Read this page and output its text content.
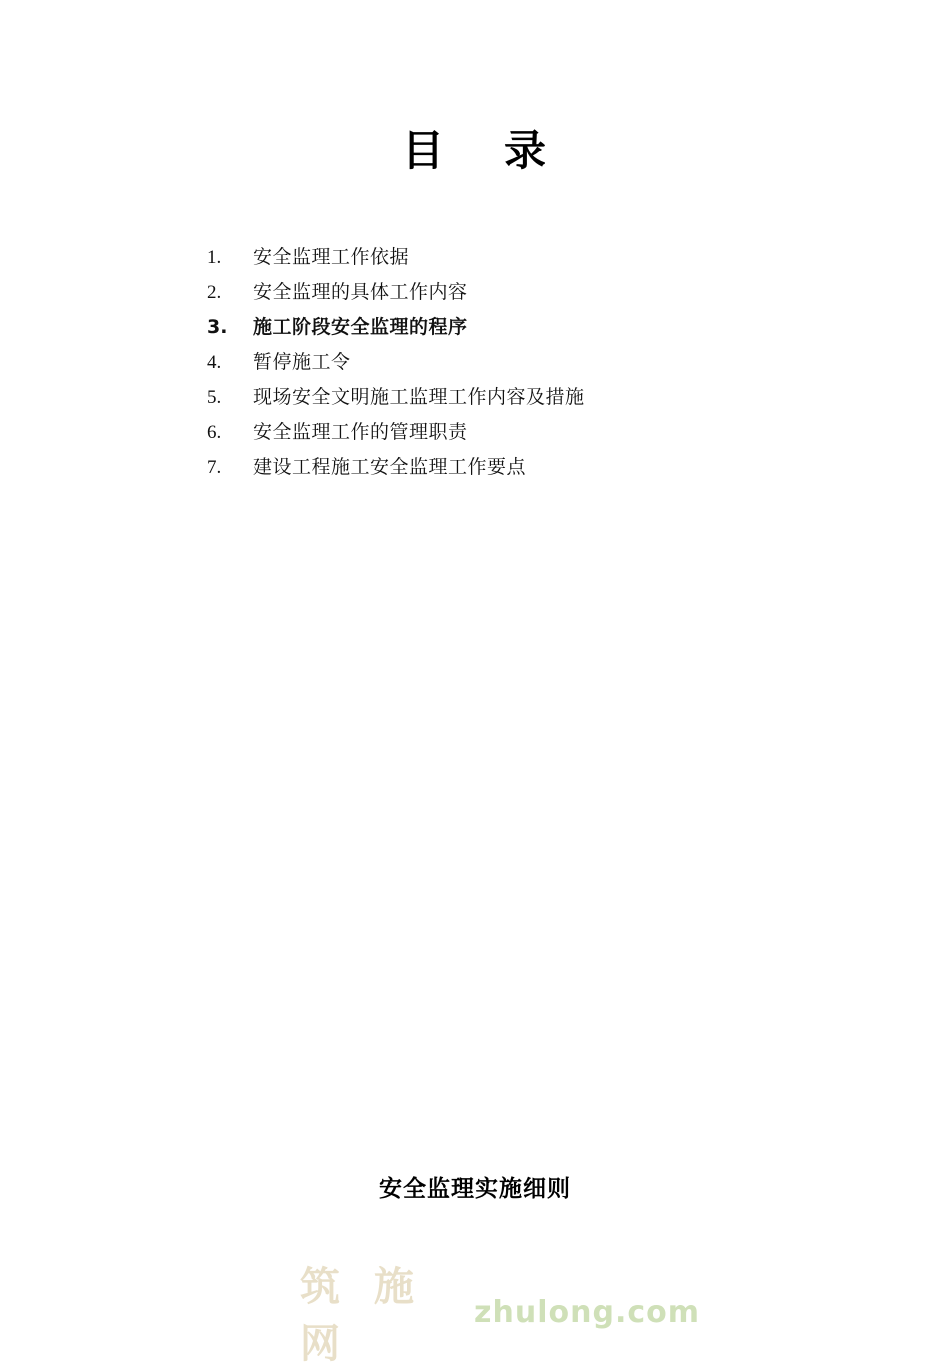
目 录
1.	安全监理工作依据
2.	安全监理的具体工作内容
3.	施工阶段安全监理的程序
4.	暂停施工令
5.	现场安全文明施工监理工作内容及措施
6.	安全监理工作的管理职责
7.	建设工程施工安全监理工作要点
安全监理实施细则
筑 施 网
zhulong.com
